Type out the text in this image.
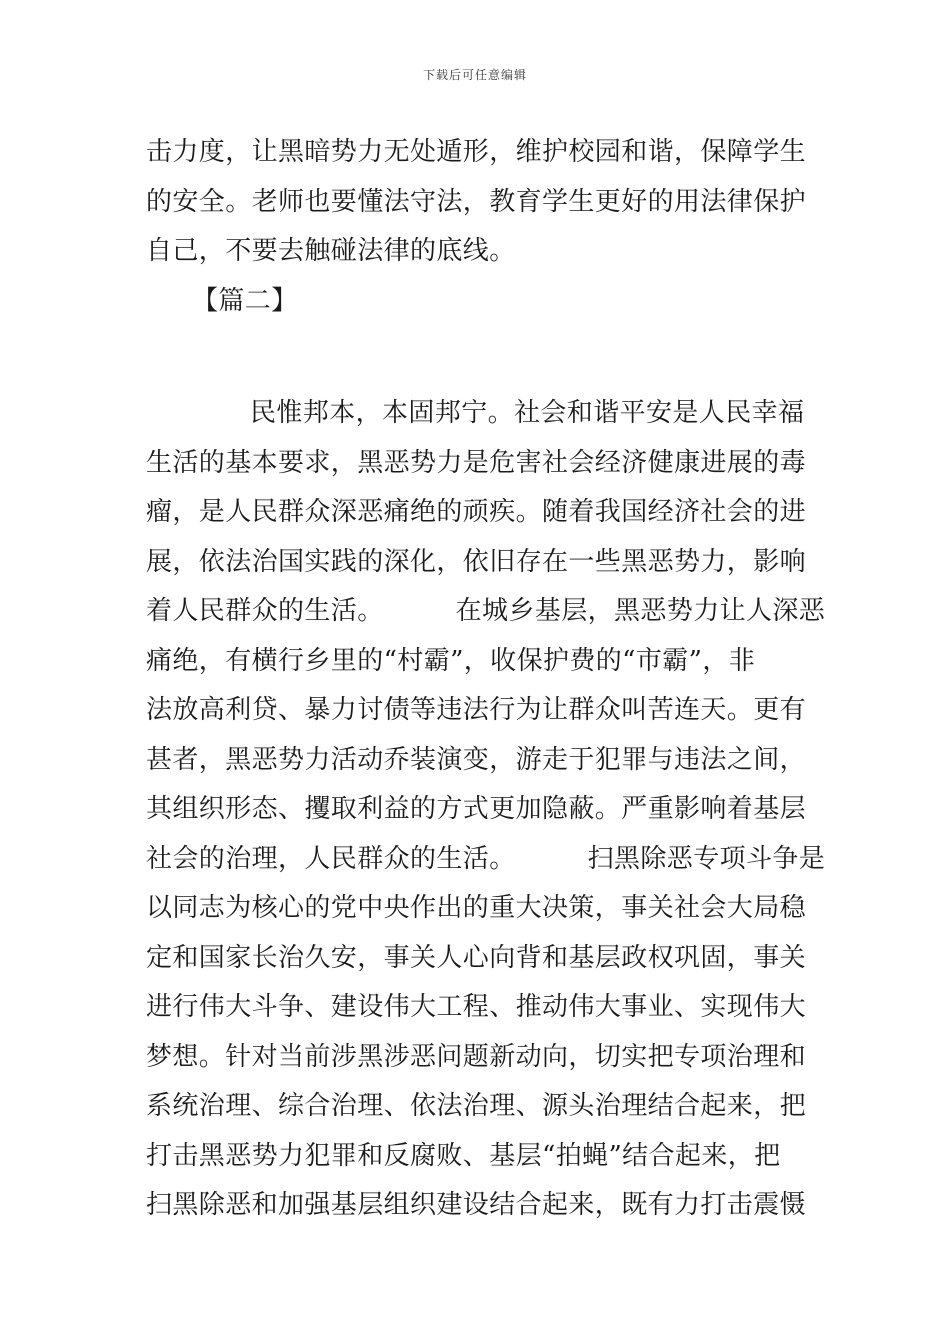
下载后可任意编辑
击力度，让黑暗势力无处遁形，维护校园和谐，保障学生
的安全。老师也要懂法守法，教育学生更好的用法律保护
自己，不要去触碰法律的底线。
【篇二】
民惟邦本，本固邦宁。社会和谐平安是人民幸福
生活的基本要求，黑恶势力是危害社会经济健康进展的毒
瘤，是人民群众深恶痛绝的顽疾。随着我国经济社会的进
展，依法治国实践的深化，依旧存在一些黑恶势力，影响
着人民群众的生活。	在城乡基层，黑恶势力让人深恶
痛绝，有横行乡里的“村霸”，收保护费的“市霸”，非
法放高利贷、暴力讨债等违法行为让群众叫苦连天。更有
甚者，黑恶势力活动乔装演变，游走于犯罪与违法之间，
其组织形态、攫取利益的方式更加隐蔽。严重影响着基层
社会的治理，人民群众的生活。	扫黑除恶专项斗争是
以同志为核心的党中央作出的重大决策，事关社会大局稳
定和国家长治久安，事关人心向背和基层政权巩固，事关
进行伟大斗争、建设伟大工程、推动伟大事业、实现伟大
梦想。针对当前涉黑涉恶问题新动向，切实把专项治理和
系统治理、综合治理、依法治理、源头治理结合起来，把
打击黑恶势力犯罪和反腐败、基层“拍蝇”结合起来，把
扫黑除恶和加强基层组织建设结合起来，既有力打击震慑
